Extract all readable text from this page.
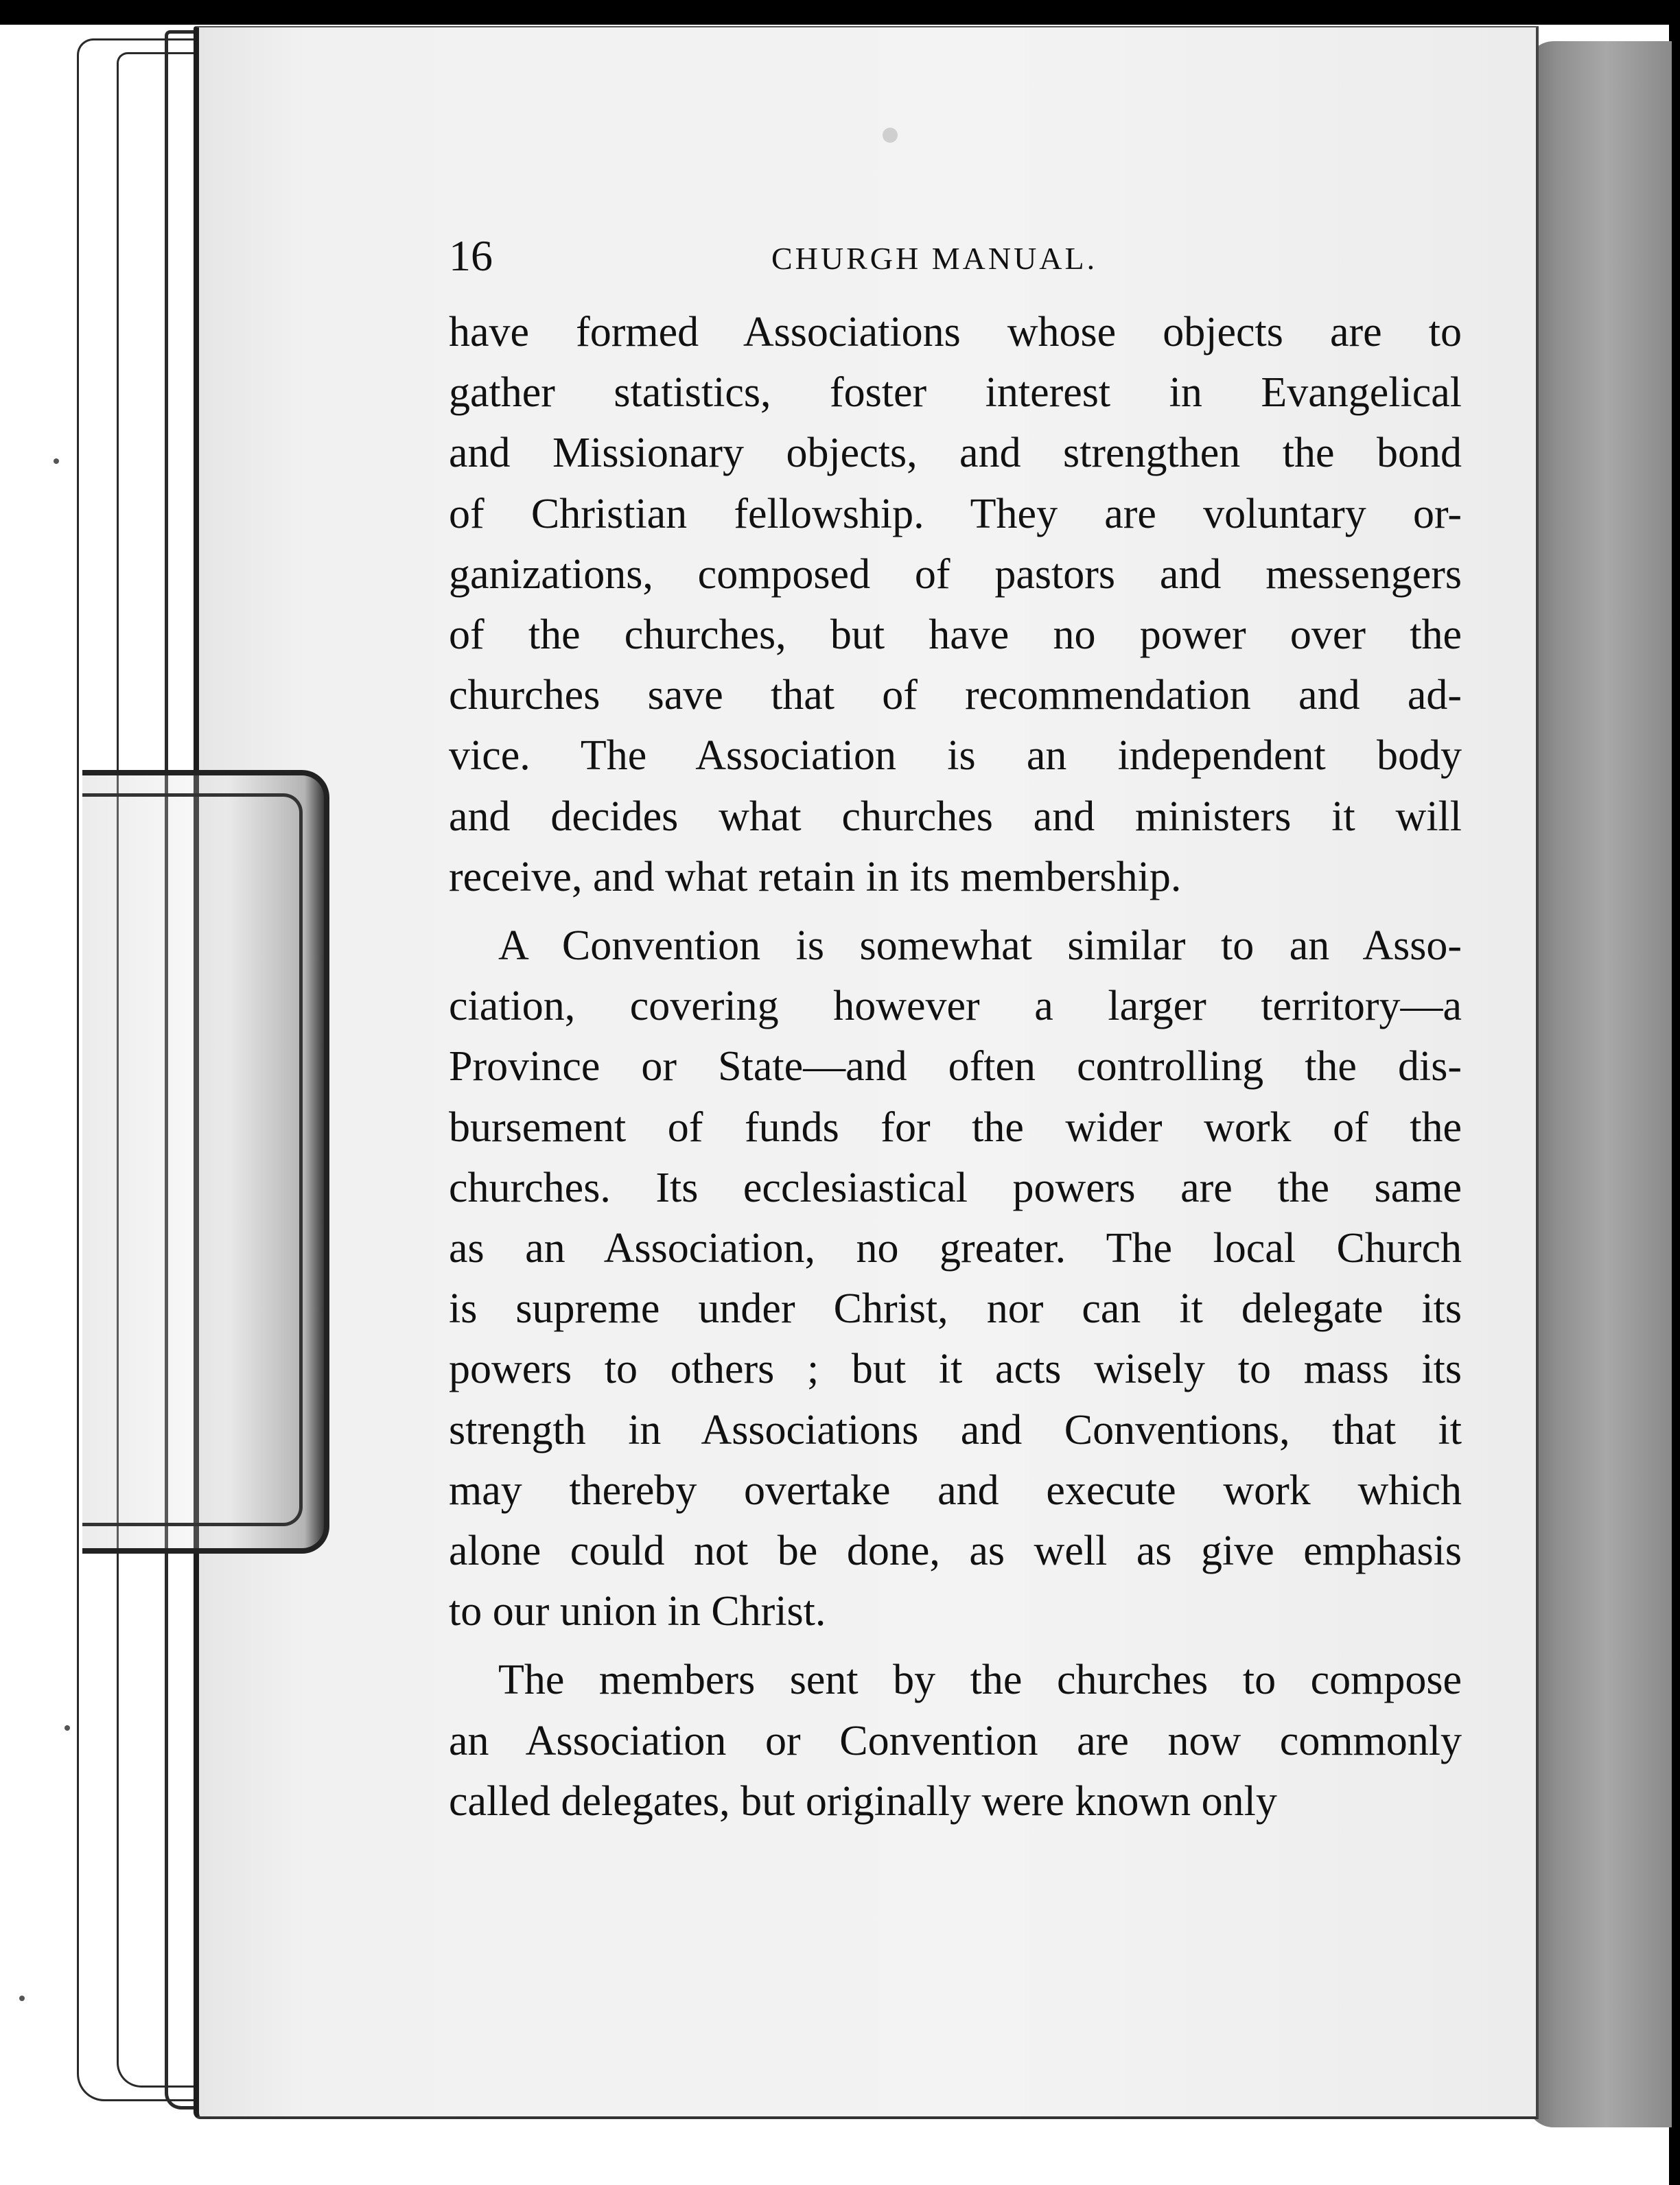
16	CHURGH MANUAL.
have formed Associations whose objects are to
gather statistics, foster interest in Evangelical
and Missionary objects, and strengthen the bond
of Christian fellowship. They are voluntary or-
ganizations, composed of pastors and messengers
of the churches, but have no power over the
churches save that of recommendation and ad-
vice. The Association is an independent body
and decides what churches and ministers it will
receive, and what retain in its membership.
A Convention is somewhat similar to an Asso-
ciation, covering however a larger territory—a
Province or State—and often controlling the dis-
bursement of funds for the wider work of the
churches. Its ecclesiastical powers are the same
as an Association, no greater. The local Church
is supreme under Christ, nor can it delegate its
powers to others ; but it acts wisely to mass its
strength in Associations and Conventions, that it
may thereby overtake and execute work which
alone could not be done, as well as give emphasis
to our union in Christ.
The members sent by the churches to compose
an Association or Convention are now commonly
called delegates, but originally were known only
